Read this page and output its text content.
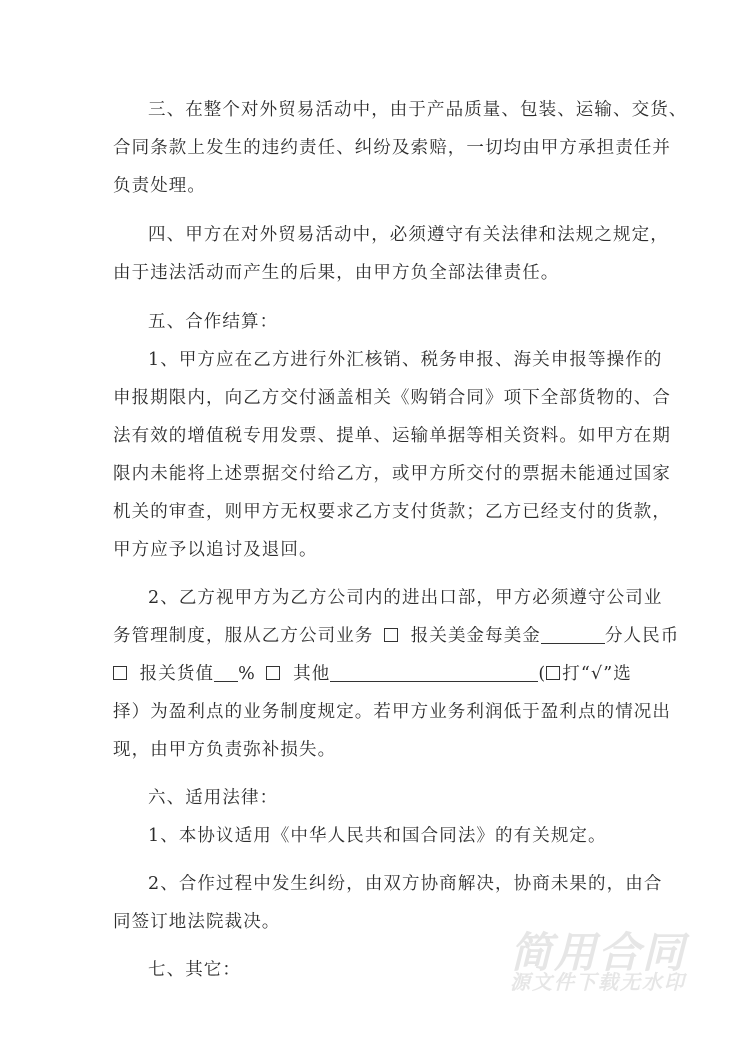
三、在整个对外贸易活动中，由于产品质量、包装、运输、交货、
合同条款上发生的违约责任、纠纷及索赔，一切均由甲方承担责任并
负责处理。
四、甲方在对外贸易活动中，必须遵守有关法律和法规之规定，
由于违法活动而产生的后果，由甲方负全部法律责任。
五、合作结算：
1、甲方应在乙方进行外汇核销、税务申报、海关申报等操作的
申报期限内，向乙方交付涵盖相关《购销合同》项下全部货物的、合
法有效的增值税专用发票、提单、运输单据等相关资料。如甲方在期
限内未能将上述票据交付给乙方，或甲方所交付的票据未能通过国家
机关的审查，则甲方无权要求乙方支付货款；乙方已经支付的货款，
甲方应予以追讨及退回。
2、乙方视甲方为乙方公司内的进出口部，甲方必须遵守公司业
务管理制度，服从乙方公司业务 报关美金每美金	分人民币
报关货值 % 其他	( 打“√”选
择）为盈利点的业务制度规定。若甲方业务利润低于盈利点的情况出
现，由甲方负责弥补损失。
六、适用法律：
1、本协议适用《中华人民共和国合同法》的有关规定。
2、合作过程中发生纠纷，由双方协商解决，协商未果的，由合
同签订地法院裁决。
七、其它：	简用合同
源文件下载无水印
